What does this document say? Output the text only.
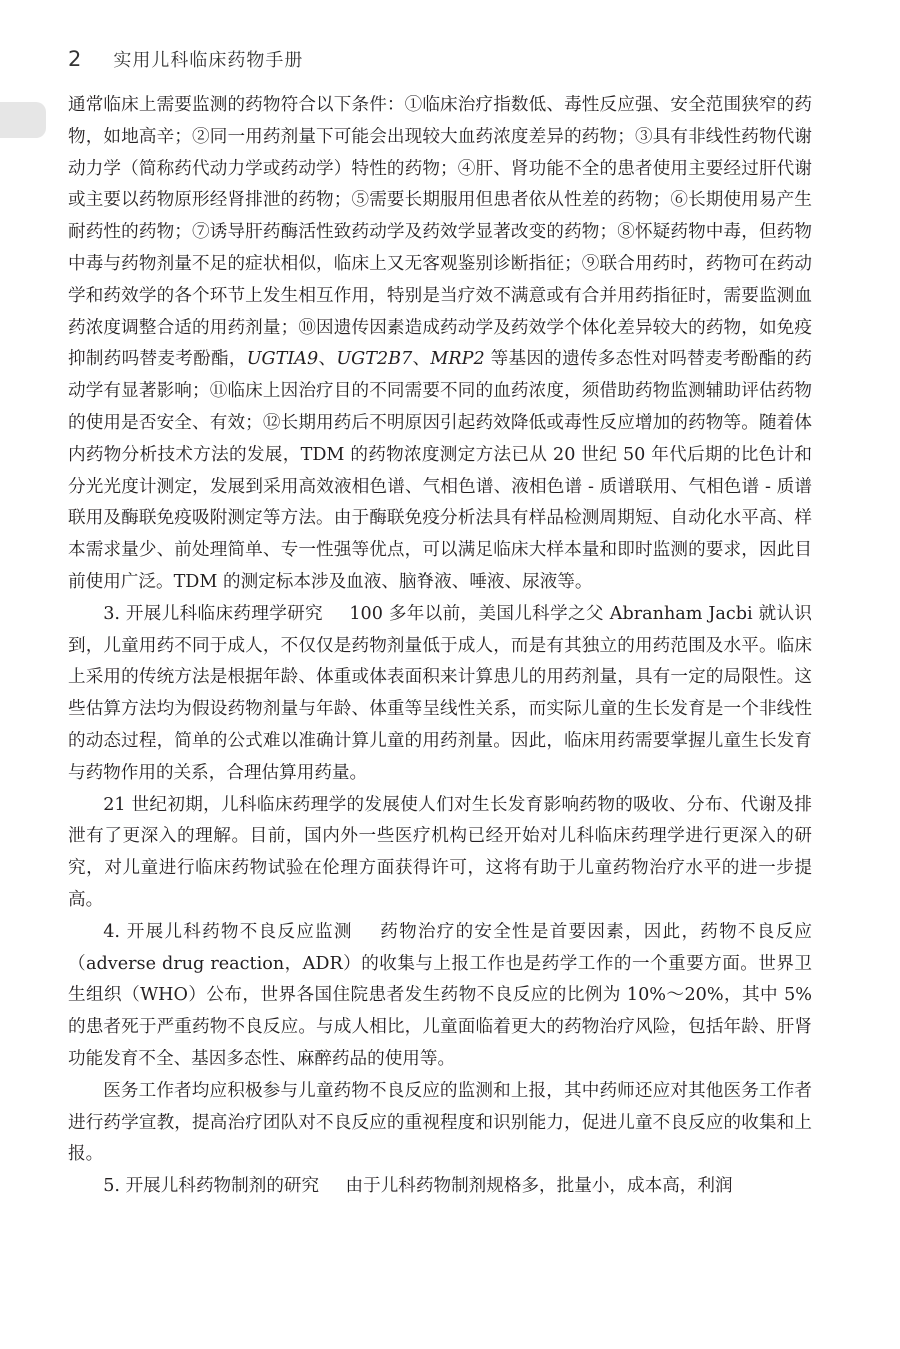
2 实用儿科临床药物手册

通常临床上需要监测的药物符合以下条件：①临床治疗指数低、毒性反应强、安全范围狭窄的药物，如地高辛；②同一用药剂量下可能会出现较大血药浓度差异的药物；③具有非线性药物代谢动力学（简称药代动力学或药动学）特性的药物；④肝、肾功能不全的患者使用主要经过肝代谢或主要以药物原形经肾排泄的药物；⑤需要长期服用但患者依从性差的药物；⑥长期使用易产生耐药性的药物；⑦诱导肝药酶活性致药动学及药效学显著改变的药物；⑧怀疑药物中毒，但药物中毒与药物剂量不足的症状相似，临床上又无客观鉴别诊断指征；⑨联合用药时，药物可在药动学和药效学的各个环节上发生相互作用，特别是当疗效不满意或有合并用药指征时，需要监测血药浓度调整合适的用药剂量；⑩因遗传因素造成药动学及药效学个体化差异较大的药物，如免疫抑制药吗替麦考酚酯，UGTIA9、UGT2B7、MRP2 等基因的遗传多态性对吗替麦考酚酯的药动学有显著影响；⑪临床上因治疗目的不同需要不同的血药浓度，须借助药物监测辅助评估药物的使用是否安全、有效；⑫长期用药后不明原因引起药效降低或毒性反应增加的药物等。随着体内药物分析技术方法的发展，TDM 的药物浓度测定方法已从 20 世纪 50 年代后期的比色计和分光光度计测定，发展到采用高效液相色谱、气相色谱、液相色谱 - 质谱联用、气相色谱 - 质谱联用及酶联免疫吸附测定等方法。由于酶联免疫分析法具有样品检测周期短、自动化水平高、样本需求量少、前处理简单、专一性强等优点，可以满足临床大样本量和即时监测的要求，因此目前使用广泛。TDM 的测定标本涉及血液、脑脊液、唾液、尿液等。

3. 开展儿科临床药理学研究 100 多年以前，美国儿科学之父 Abranham Jacbi 就认识到，儿童用药不同于成人，不仅仅是药物剂量低于成人，而是有其独立的用药范围及水平。临床上采用的传统方法是根据年龄、体重或体表面积来计算患儿的用药剂量，具有一定的局限性。这些估算方法均为假设药物剂量与年龄、体重等呈线性关系，而实际儿童的生长发育是一个非线性的动态过程，简单的公式难以准确计算儿童的用药剂量。因此，临床用药需要掌握儿童生长发育与药物作用的关系，合理估算用药量。

21 世纪初期，儿科临床药理学的发展使人们对生长发育影响药物的吸收、分布、代谢及排泄有了更深入的理解。目前，国内外一些医疗机构已经开始对儿科临床药理学进行更深入的研究，对儿童进行临床药物试验在伦理方面获得许可，这将有助于儿童药物治疗水平的进一步提高。

4. 开展儿科药物不良反应监测 药物治疗的安全性是首要因素，因此，药物不良反应（adverse drug reaction，ADR）的收集与上报工作也是药学工作的一个重要方面。世界卫生组织（WHO）公布，世界各国住院患者发生药物不良反应的比例为 10%～20%，其中 5% 的患者死于严重药物不良反应。与成人相比，儿童面临着更大的药物治疗风险，包括年龄、肝肾功能发育不全、基因多态性、麻醉药品的使用等。

医务工作者均应积极参与儿童药物不良反应的监测和上报，其中药师还应对其他医务工作者进行药学宣教，提高治疗团队对不良反应的重视程度和识别能力，促进儿童不良反应的收集和上报。

5. 开展儿科药物制剂的研究 由于儿科药物制剂规格多，批量小，成本高，利润
